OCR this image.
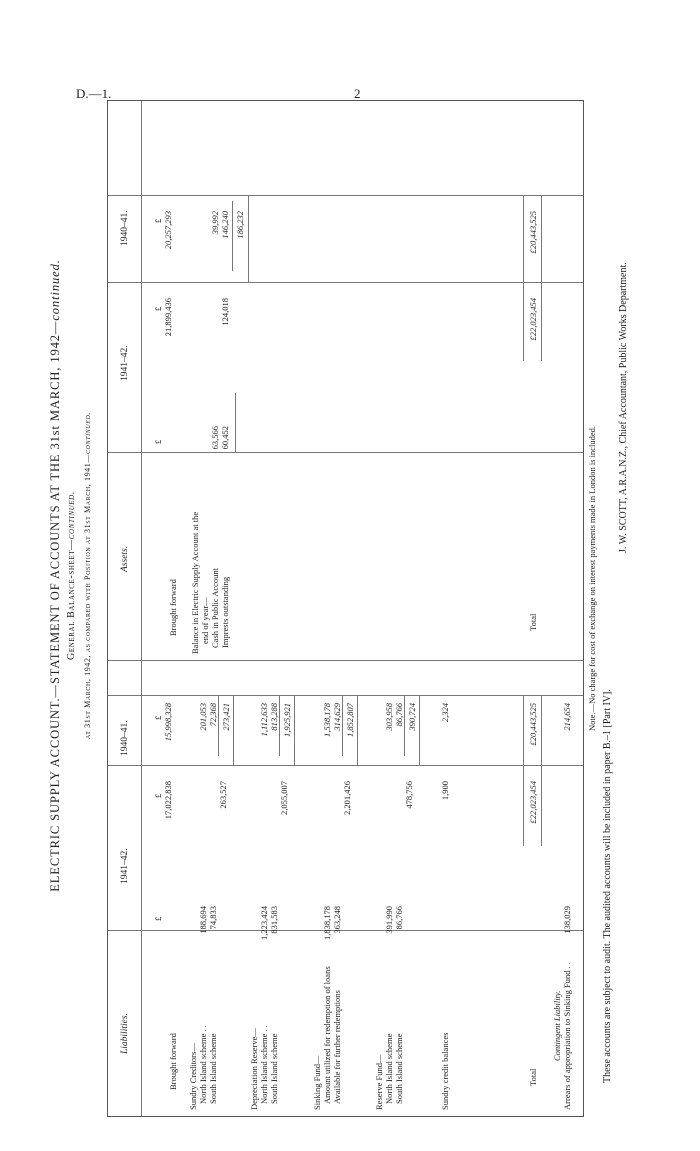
D.—1.	2
ELECTRIC SUPPLY ACCOUNT.—STATEMENT OF ACCOUNTS AT THE 31st MARCH, 1942—continued.
General Balance-sheet—continued. at 31st March, 1942, as compared with Position at 31st March, 1941—continued.
Liabilities.
1941–42.
1940–41.
Assets.
1941–42.
1940–41.
Brought forward
£
£ 17,022,838
£ 15,998,328
Sundry Creditors— North Island scheme . . South Island scheme
188,694 74,833
263,527
201,053 72,368 273,421
Depreciation Reserve— North Island scheme . . South Island scheme
1,223,424 831,583
2,055,007
1,112,633 813,288 1,925,921
Sinking Fund— Amount utilized for redemption of loans Available for further redemptions
1,838,178 363,248
2,201,426
1,538,178 314,629 1,852,807
Reserve Fund— North Island scheme South Island scheme
391,990 86,766
478,756
303,958 86,766 390,724
Sundry credit balances
1,900
2,324
Total
£22,023,454
£20,443,525
Contingent Liability. Arrears of appropriation to Sinking Fund . .
138,029
214,654
Brought forward
£
£
£
21,899,436
20,257,293
Balance in Electric Supply Account at the end of year— Cash in Public Account Imprests outstanding
63,566 60,452
124,018
39,992 146,240 186,232
Total
£22,023,454
£20,443,525
Note.—No charge for cost of exchange on interest payments made in London is included.
These accounts are subject to audit. The audited accounts will be included in paper B.–1 [Part IV].
J. W. SCOTT, A.R.A.N.Z., Chief Accountant, Public Works Department.
